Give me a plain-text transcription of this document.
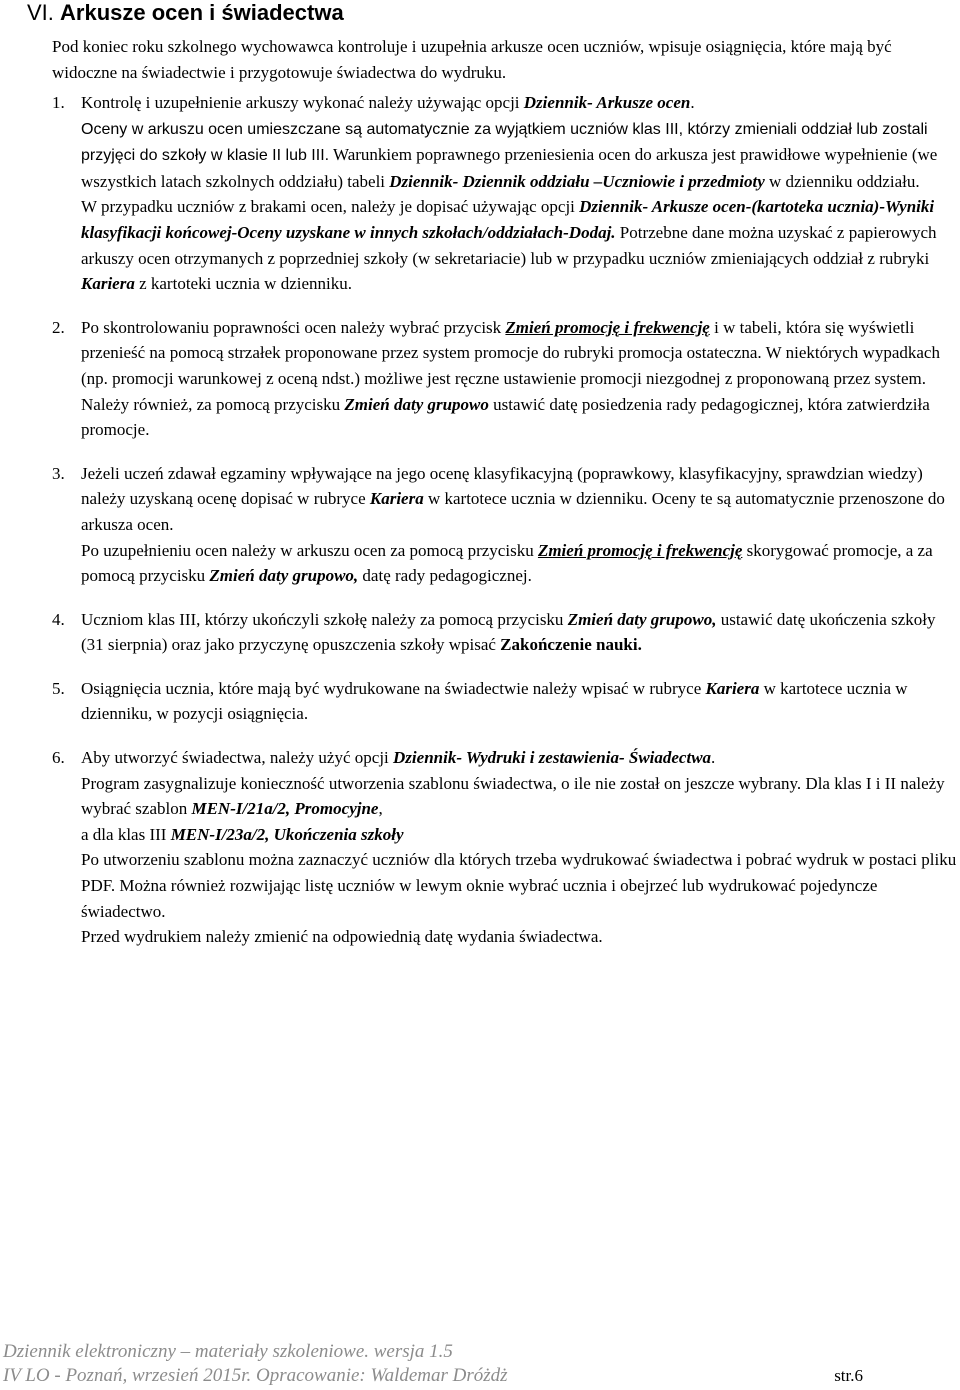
VI. Arkusze ocen i świadectwa

Pod koniec roku szkolnego wychowawca kontroluje i uzupełnia arkusze ocen uczniów, wpisuje osiągnięcia, które mają być widoczne na świadectwie i przygotowuje świadectwa do wydruku.

1. Kontrolę i uzupełnienie arkuszy wykonać należy używając opcji Dziennik- Arkusze ocen.

Oceny w arkuszu ocen umieszczane są automatycznie za wyjątkiem uczniów klas III, którzy zmieniali oddział lub zostali przyjęci do szkoły w klasie II lub III. Warunkiem poprawnego przeniesienia ocen do arkusza jest prawidłowe wypełnienie (we wszystkich latach szkolnych oddziału) tabeli Dziennik- Dziennik oddziału –Uczniowie i przedmioty w dzienniku oddziału.

W przypadku uczniów z brakami ocen, należy je dopisać używając opcji Dziennik- Arkusze ocen-(kartoteka ucznia)-Wyniki klasyfikacji końcowej-Oceny uzyskane w innych szkołach/oddziałach-Dodaj. Potrzebne dane można uzyskać z papierowych arkuszy ocen otrzymanych z poprzedniej szkoły (w sekretariacie) lub w przypadku uczniów zmieniających oddział z rubryki Kariera z kartoteki ucznia w dzienniku.

2. Po skontrolowaniu poprawności ocen należy wybrać przycisk Zmień promocję i frekwencję i w tabeli, która się wyświetli przenieść na pomocą strzałek proponowane przez system promocje do rubryki promocja ostateczna. W niektórych wypadkach (np. promocji warunkowej z oceną ndst.) możliwe jest ręczne ustawienie promocji niezgodnej z proponowaną przez system.

Należy również, za pomocą przycisku Zmień daty grupowo ustawić datę posiedzenia rady pedagogicznej, która zatwierdziła promocje.

3. Jeżeli uczeń zdawał egzaminy wpływające na jego ocenę klasyfikacyjną (poprawkowy, klasyfikacyjny, sprawdzian wiedzy) należy uzyskaną ocenę dopisać w rubryce Kariera w kartotece ucznia w dzienniku. Oceny te są automatycznie przenoszone do arkusza ocen.

Po uzupełnieniu ocen należy w arkuszu ocen za pomocą przycisku Zmień promocję i frekwencję skorygować promocje, a za pomocą przycisku Zmień daty grupowo, datę rady pedagogicznej.

4. Uczniom klas III, którzy ukończyli szkołę należy za pomocą przycisku Zmień daty grupowo, ustawić datę ukończenia szkoły (31 sierpnia) oraz jako przyczynę opuszczenia szkoły wpisać Zakończenie nauki.

5. Osiągnięcia ucznia, które mają być wydrukowane na świadectwie należy wpisać w rubryce Kariera w kartotece ucznia w dzienniku, w pozycji osiągnięcia.

6. Aby utworzyć świadectwa, należy użyć opcji Dziennik- Wydruki i zestawienia- Świadectwa.

Program zasygnalizuje konieczność utworzenia szablonu świadectwa, o ile nie został on jeszcze wybrany. Dla klas I i II należy wybrać szablon MEN-I/21a/2, Promocyjne,

a dla klas III MEN-I/23a/2, Ukończenia szkoły

Po utworzeniu szablonu można zaznaczyć uczniów dla których trzeba wydrukować świadectwa i pobrać wydruk w postaci pliku PDF. Można również rozwijając listę uczniów w lewym oknie wybrać ucznia i obejrzeć lub wydrukować pojedyncze świadectwo.

Przed wydrukiem należy zmienić na odpowiednią datę wydania świadectwa.

Dziennik elektroniczny – materiały szkoleniowe. wersja 1.5
IV LO - Poznań, wrzesień 2015r. Opracowanie: Waldemar Dróżdż	str.6
